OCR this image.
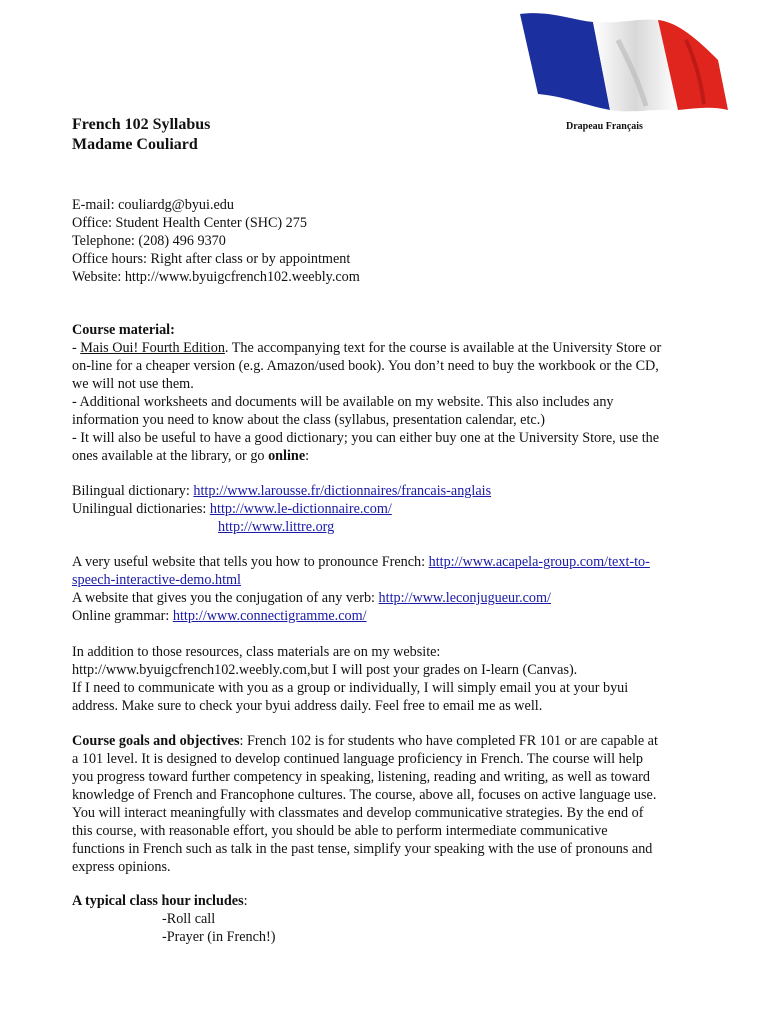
Drapeau Français
French 102 Syllabus
Madame Couliard
E-mail: couliardg@byui.edu
Office: Student Health Center (SHC) 275
Telephone: (208) 496 9370
Office hours: Right after class or by appointment
Website: http://www.byuigcfrench102.weebly.com
Course material:
- Mais Oui! Fourth Edition. The accompanying text for the course is available at the University Store or
on-line for a cheaper version (e.g. Amazon/used book). You don’t need to buy the workbook or the CD,
we will not use them.
- Additional worksheets and documents will be available on my website. This also includes any
information you need to know about the class (syllabus, presentation calendar, etc.)
- It will also be useful to have a good dictionary; you can either buy one at the University Store, use the
ones available at the library, or go online:
Bilingual dictionary: http://www.larousse.fr/dictionnaires/francais-anglais
Unilingual dictionaries: http://www.le-dictionnaire.com/
http://www.littre.org
A very useful website that tells you how to pronounce French: http://www.acapela-group.com/text-to-
speech-interactive-demo.html
A website that gives you the conjugation of any verb: http://www.leconjugueur.com/
Online grammar: http://www.connectigramme.com/
In addition to those resources, class materials are on my website:
http://www.byuigcfrench102.weebly.com,but I will post your grades on I-learn (Canvas).
If I need to communicate with you as a group or individually, I will simply email you at your byui
address. Make sure to check your byui address daily. Feel free to email me as well.
Course goals and objectives: French 102 is for students who have completed FR 101 or are capable at
a 101 level. It is designed to develop continued language proficiency in French. The course will help
you progress toward further competency in speaking, listening, reading and writing, as well as toward
knowledge of French and Francophone cultures. The course, above all, focuses on active language use.
You will interact meaningfully with classmates and develop communicative strategies. By the end of
this course, with reasonable effort, you should be able to perform intermediate communicative
functions in French such as talk in the past tense, simplify your speaking with the use of pronouns and
express opinions.
A typical class hour includes:
-Roll call
-Prayer (in French!)
